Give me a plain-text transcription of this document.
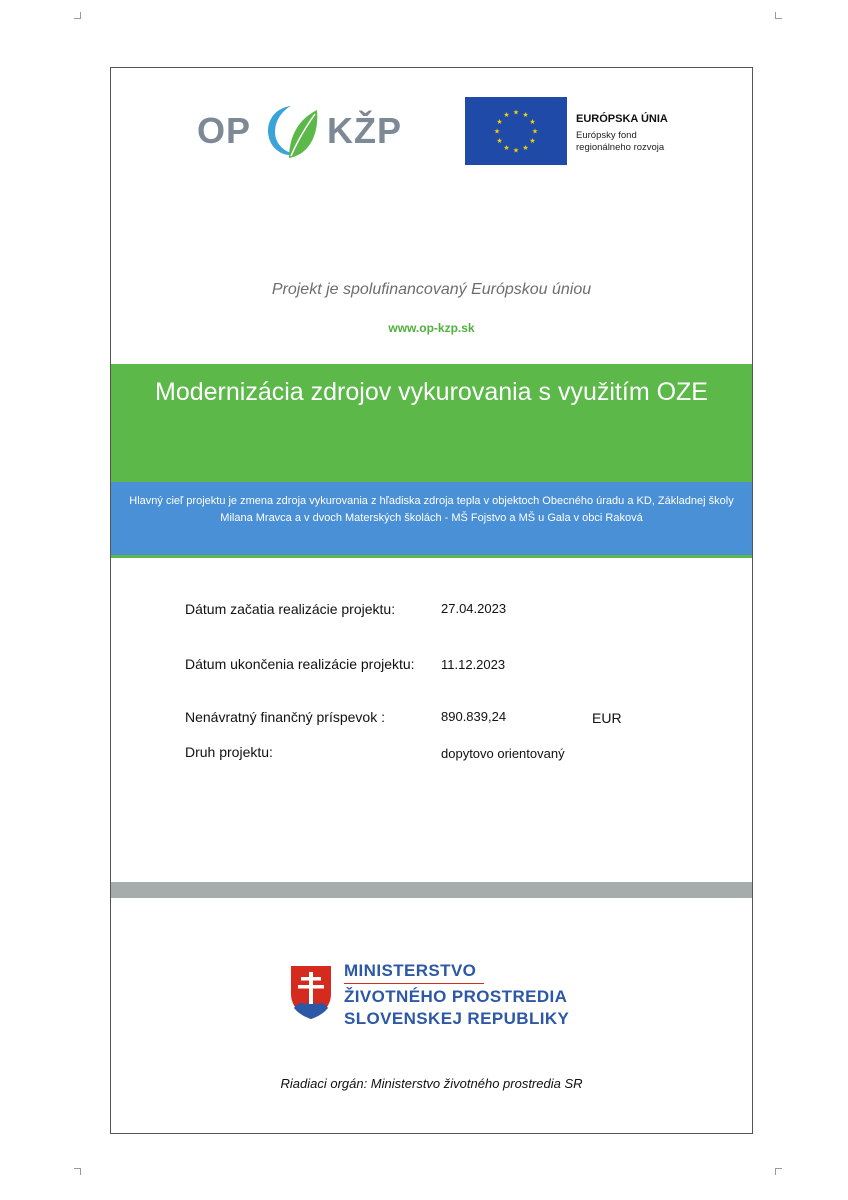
OP KŽP	★
★
★
★
★
★
★
★
★ ★ ★
★	EURÓPSKA ÚNIA
Európsky fond
regionálneho rozvoja
Projekt je spolufinancovaný Európskou úniou
www.op-kzp.sk
Modernizácia zdrojov vykurovania s využitím OZE
Hlavný cieľ projektu je zmena zdroja vykurovania z hľadiska zdroja tepla v objektoch Obecného úradu a KD, Základnej školy
Milana Mravca a v dvoch Materských školách - MŠ Fojstvo a MŠ u Gala v obci Raková
Dátum začatia realizácie projektu:	27.04.2023
Dátum ukončenia realizácie projektu: 11.12.2023
Nenávratný finančný príspevok :	890.839,24	EUR
Druh projektu:	dopytovo orientovaný
MINISTERSTVO
ŽIVOTNÉHO PROSTREDIA
SLOVENSKEJ REPUBLIKY
Riadiaci orgán: Ministerstvo životného prostredia SR
